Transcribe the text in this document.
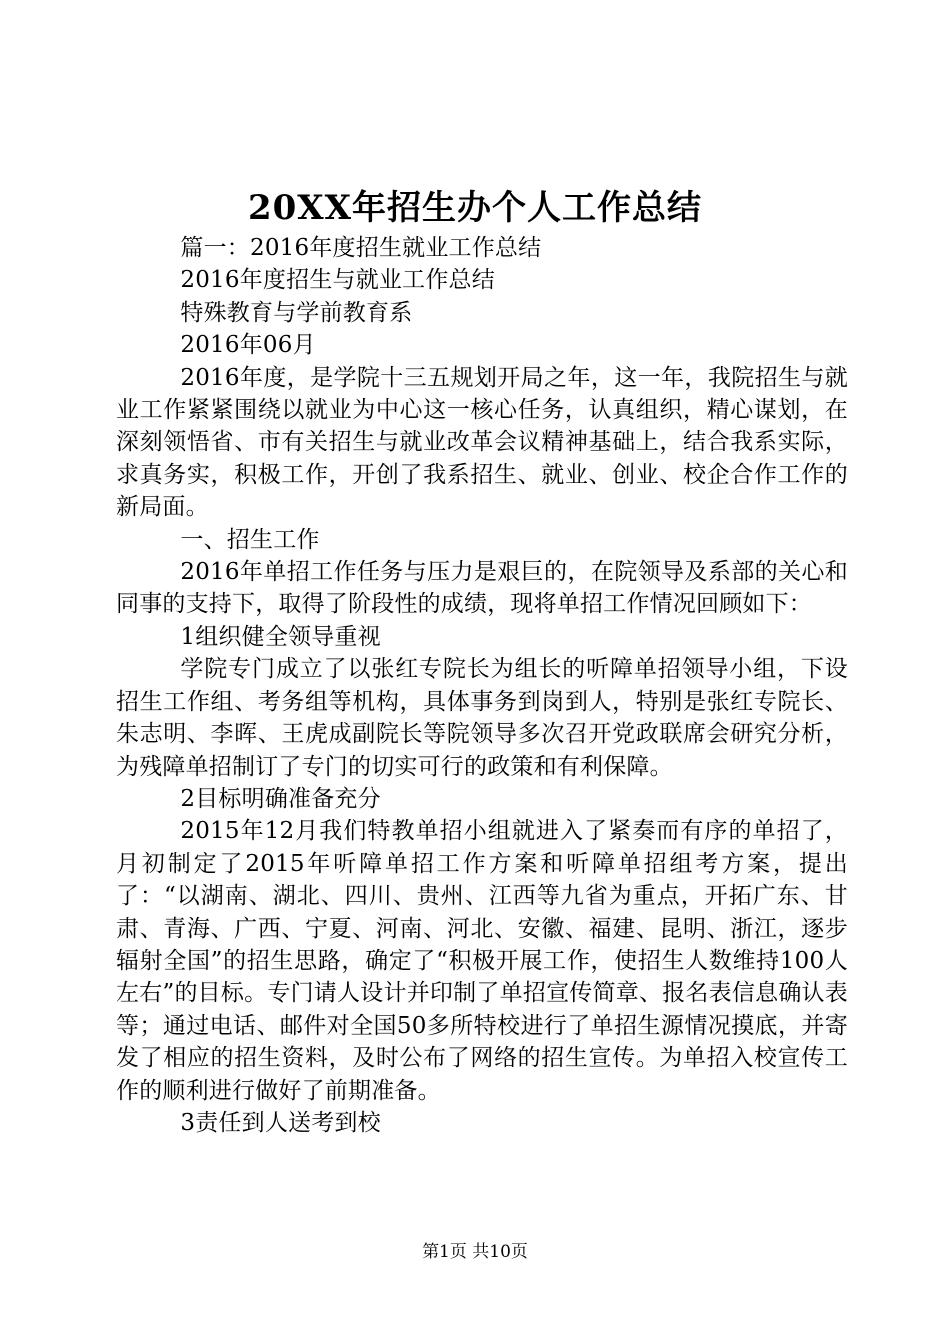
20XX年招生办个人工作总结

篇一：2016年度招生就业工作总结

2016年度招生与就业工作总结

特殊教育与学前教育系

2016年06月

2016年度，是学院十三五规划开局之年，这一年，我院招生与就业工作紧紧围绕以就业为中心这一核心任务，认真组织，精心谋划，在深刻领悟省、市有关招生与就业改革会议精神基础上，结合我系实际，求真务实，积极工作，开创了我系招生、就业、创业、校企合作工作的新局面。

一、招生工作

2016年单招工作任务与压力是艰巨的，在院领导及系部的关心和同事的支持下，取得了阶段性的成绩，现将单招工作情况回顾如下：

1组织健全领导重视

学院专门成立了以张红专院长为组长的听障单招领导小组，下设招生工作组、考务组等机构，具体事务到岗到人，特别是张红专院长、朱志明、李晖、王虎成副院长等院领导多次召开党政联席会研究分析，为残障单招制订了专门的切实可行的政策和有利保障。

2目标明确准备充分

2015年12月我们特教单招小组就进入了紧奏而有序的单招了，月初制定了2015年听障单招工作方案和听障单招组考方案，提出了：“以湖南、湖北、四川、贵州、江西等九省为重点，开拓广东、甘肃、青海、广西、宁夏、河南、河北、安徽、福建、昆明、浙江，逐步辐射全国”的招生思路，确定了“积极开展工作，使招生人数维持100人左右”的目标。专门请人设计并印制了单招宣传简章、报名表信息确认表等；通过电话、邮件对全国50多所特校进行了单招生源情况摸底，并寄发了相应的招生资料，及时公布了网络的招生宣传。为单招入校宣传工作的顺利进行做好了前期准备。

3责任到人送考到校

第1页 共10页
